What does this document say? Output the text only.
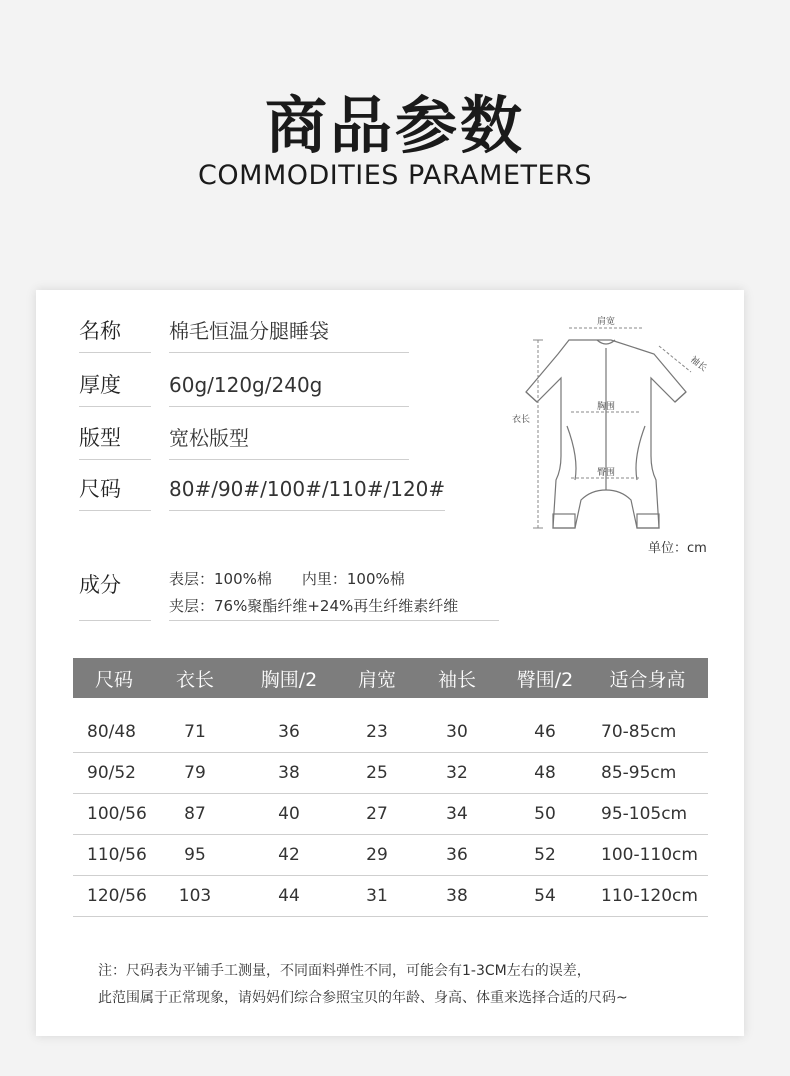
商品参数
COMMODITIES PARAMETERS
名称	棉毛恒温分腿睡袋
厚度	60g/120g/240g
版型	宽松版型
尺码	80#/90#/100#/110#/120#
成分	表层：100%棉　　内里：100%棉
夹层：76%聚酯纤维+24%再生纤维素纤维
肩宽
袖长
胸围
衣长
臀围
单位：cm
尺码	衣长	胸围/2	肩宽	袖长	臀围/2	适合身高

80/48	71	36	23	30	46	70-85cm
90/52	79	38	25	32	48	85-95cm
100/56	87	40	27	34	50	95-105cm
110/56	95	42	29	36	52	100-110cm
120/56	103	44	31	38	54	110-120cm
注：尺码表为平铺手工测量，不同面料弹性不同，可能会有1-3CM左右的误差，
此范围属于正常现象，请妈妈们综合参照宝贝的年龄、身高、体重来选择合适的尺码~
